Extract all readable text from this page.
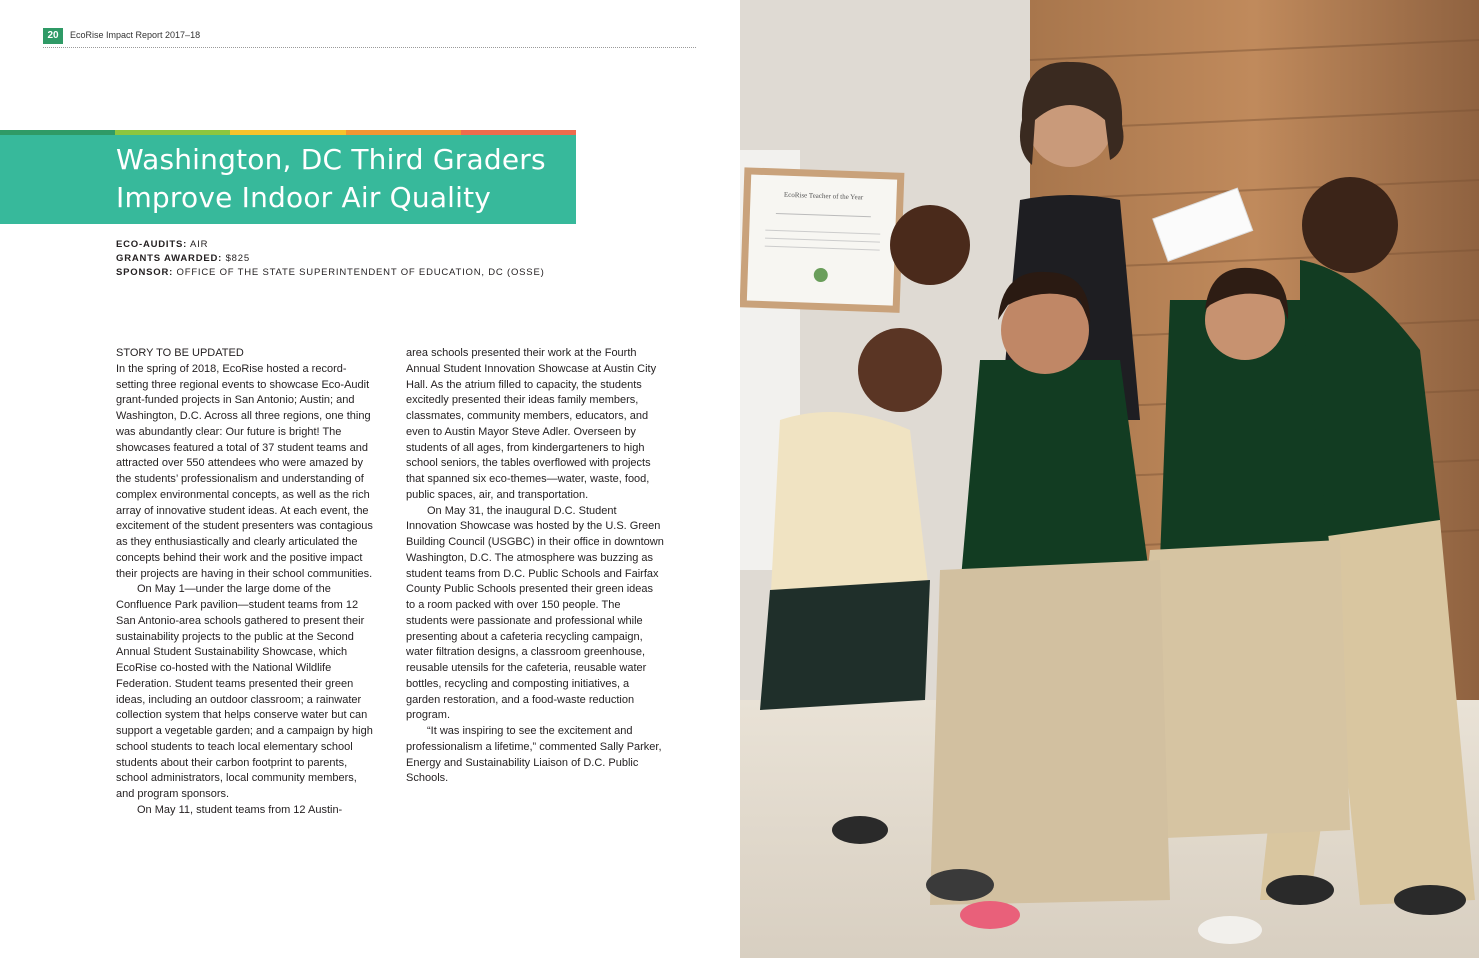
20	EcoRise Impact Report 2017–18
Washington, DC Third Graders
Improve Indoor Air Quality
ECO-AUDITS: AIR
GRANTS AWARDED: $825
SPONSOR: OFFICE OF THE STATE SUPERINTENDENT OF EDUCATION, DC (OSSE)

STORY TO BE UPDATED

In the spring of 2018, EcoRise hosted a record-setting three regional events to showcase Eco-Audit grant-funded projects in San Antonio; Austin; and Washington, D.C. Across all three regions, one thing was abundantly clear: Our future is bright! The showcases featured a total of 37 student teams and attracted over 550 attendees who were amazed by the students’ professionalism and understanding of complex environmental concepts, as well as the rich array of innovative student ideas. At each event, the excitement of the student presenters was contagious as they enthusiastically and clearly articulated the concepts behind their work and the positive impact their projects are having in their school communities.

On May 1—under the large dome of the Confluence Park pavilion—student teams from 12 San Antonio-area schools gathered to present their sustainability projects to the public at the Second Annual Student Sustainability Showcase, which EcoRise co-hosted with the National Wildlife Federation. Student teams presented their green ideas, including an outdoor classroom; a rainwater collection system that helps conserve water but can support a vegetable garden; and a campaign by high school students to teach local elementary school students about their carbon footprint to parents, school administrators, local community members, and program sponsors.

On May 11, student teams from 12 Austin-

area schools presented their work at the Fourth Annual Student Innovation Showcase at Austin City Hall. As the atrium filled to capacity, the students excitedly presented their ideas family members, classmates, community members, educators, and even to Austin Mayor Steve Adler. Overseen by students of all ages, from kindergarteners to high school seniors, the tables overflowed with projects that spanned six eco-themes—water, waste, food, public spaces, air, and transportation.

On May 31, the inaugural D.C. Student Innovation Showcase was hosted by the U.S. Green Building Council (USGBC) in their office in downtown Washington, D.C. The atmosphere was buzzing as student teams from D.C. Public Schools and Fairfax County Public Schools presented their green ideas to a room packed with over 150 people. The students were passionate and professional while presenting about a cafeteria recycling campaign, water filtration designs, a classroom greenhouse, reusable utensils for the cafeteria, reusable water bottles, recycling and composting initiatives, a garden restoration, and a food-waste reduction program.

“It was inspiring to see the excitement and professionalism a lifetime,” commented Sally Parker, Energy and Sustainability Liaison of D.C. Public Schools.

EcoRise Teacher of the Year
